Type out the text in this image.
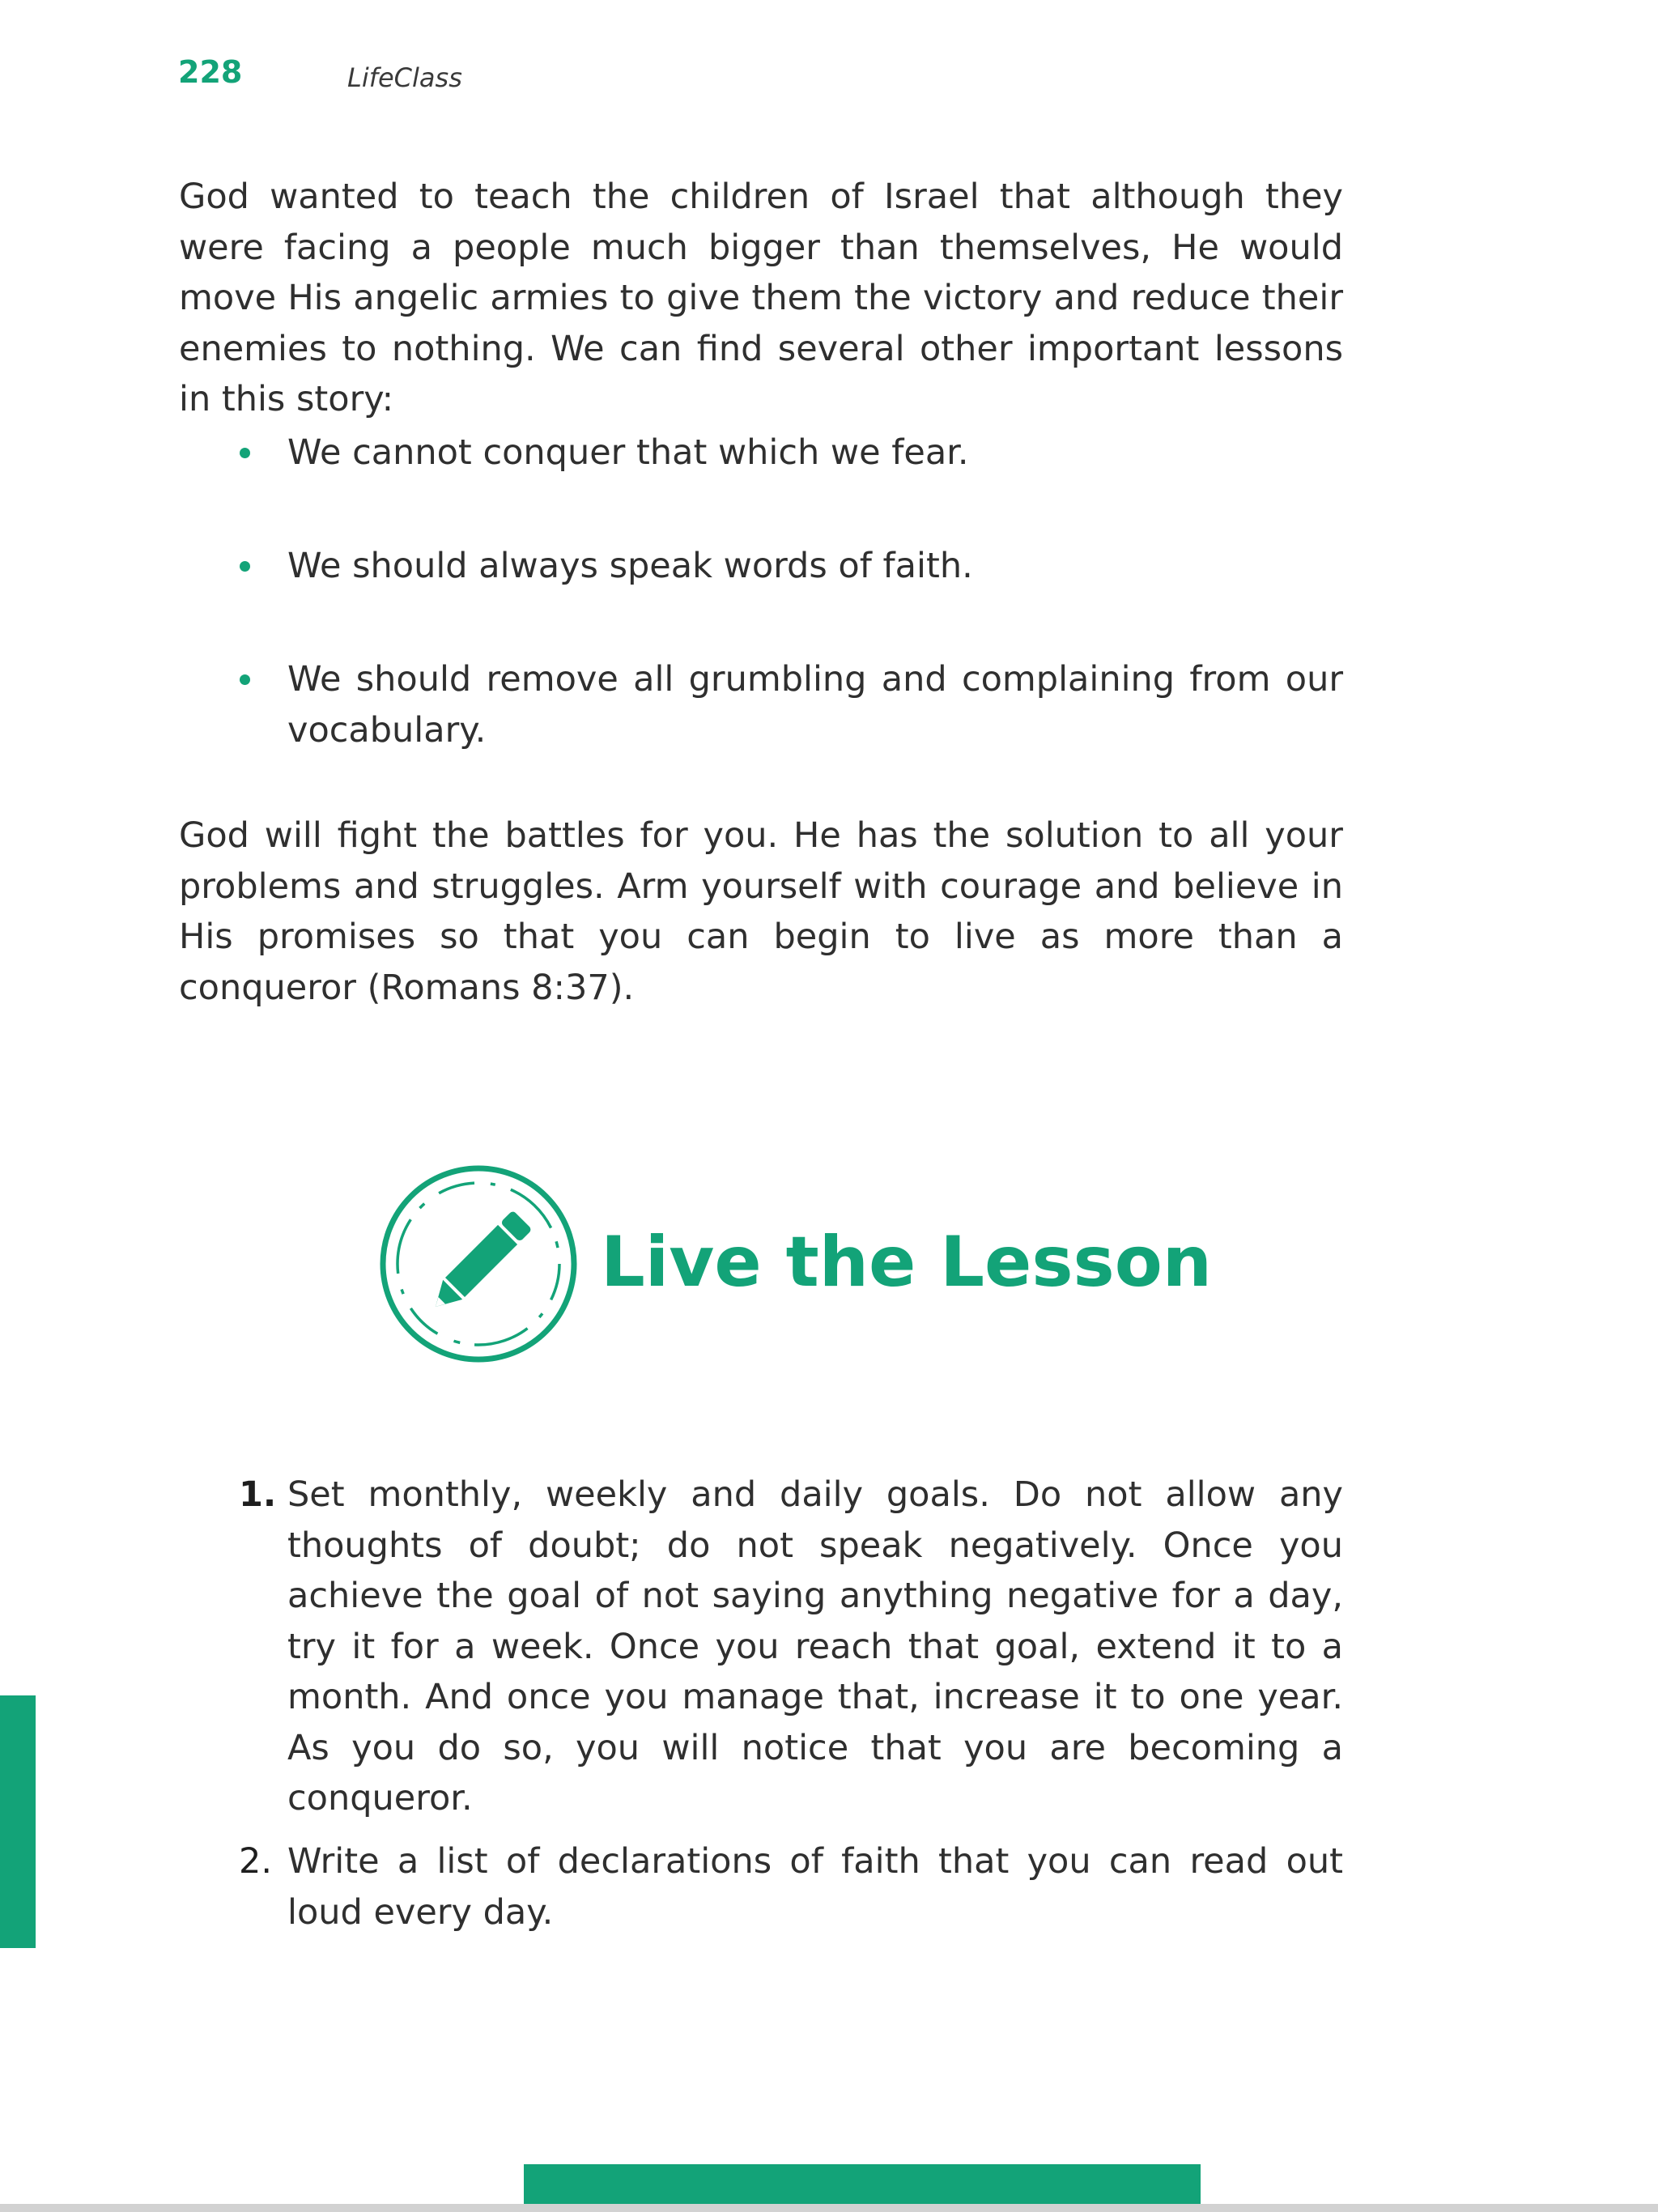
228	LifeClass

God wanted to teach the children of Israel that although they were facing a people much bigger than themselves, He would move His angelic armies to give them the victory and reduce their enemies to nothing. We can find several other important lessons in this story:

We cannot conquer that which we fear.
We should always speak words of faith.
We should remove all grumbling and complaining from our vocabulary.

God will fight the battles for you. He has the solution to all your problems and struggles. Arm yourself with courage and believe in His promises so that you can begin to live as more than a conqueror (Romans 8:37).

Live the Lesson
1. Set monthly, weekly and daily goals. Do not allow any thoughts of doubt; do not speak negatively. Once you achieve the goal of not saying anything negative for a day, try it for a week. Once you reach that goal, extend it to a month. And once you manage that, increase it to one year. As you do so, you will notice that you are becoming a conqueror.
2. Write a list of declarations of faith that you can read out loud every day.
